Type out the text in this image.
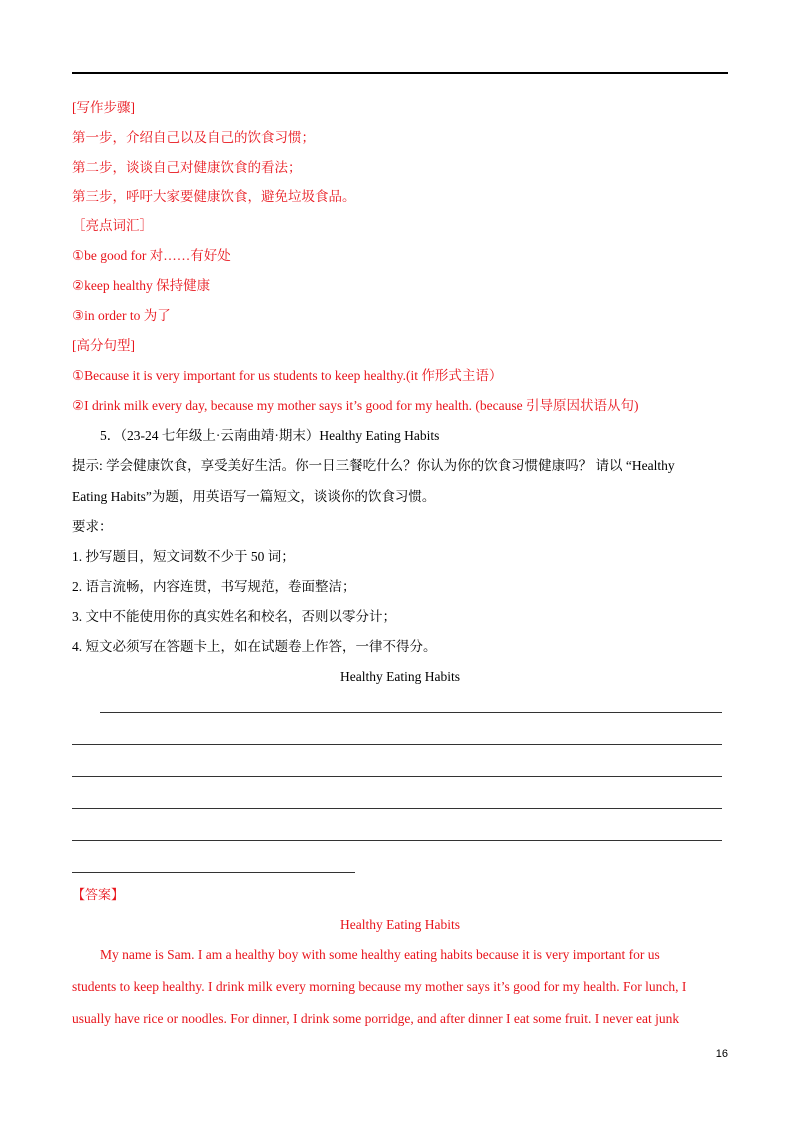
[写作步骤]
第一步，介绍自己以及自己的饮食习惯；
第二步，谈谈自己对健康饮食的看法；
第三步，呼吁大家要健康饮食，避免垃圾食品。
［亮点词汇］
①be good for 对……有好处
②keep healthy 保持健康
③in order to 为了
[高分句型]
①Because it is very important for us students to keep healthy.(it 作形式主语）
②I drink milk every day, because my mother says it’s good for my health. (because 引导原因状语从句)
5．（23-24 七年级上·云南曲靖·期末）Healthy Eating Habits
提示: 学会健康饮食，享受美好生活。你一日三餐吃什么？你认为你的饮食习惯健康吗？ 请以 “Healthy
Eating Habits”为题，用英语写一篇短文，谈谈你的饮食习惯。
要求：
1. 抄写题目，短文词数不少于 50 词；
2. 语言流畅，内容连贯，书写规范，卷面整洁；
3. 文中不能使用你的真实姓名和校名，否则以零分计；
4. 短文必须写在答题卡上，如在试题卷上作答，一律不得分。
Healthy Eating Habits
【答案】
Healthy Eating Habits
My name is Sam. I am a healthy boy with some healthy eating habits because it is very important for us
students to keep healthy. I drink milk every morning because my mother says it’s good for my health. For lunch, I
usually have rice or noodles. For dinner, I drink some porridge, and after dinner I eat some fruit. I never eat junk
16
